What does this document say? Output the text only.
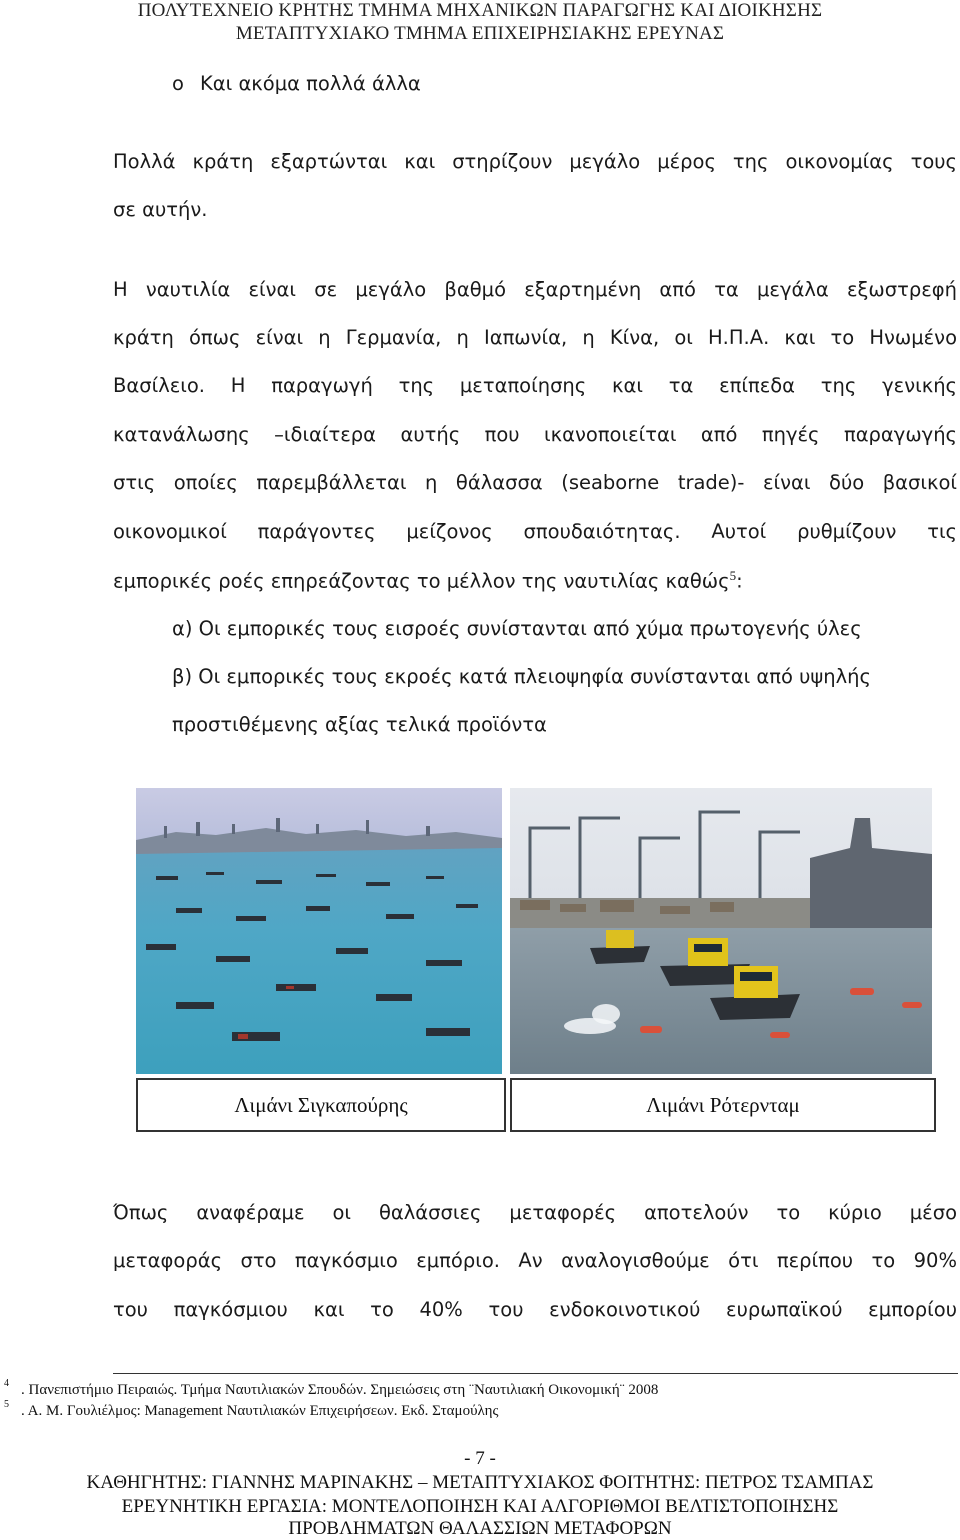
ΠΟΛΥΤΕΧΝΕΙΟ ΚΡΗΤΗΣ ΤΜΗΜΑ ΜΗΧΑΝΙΚΩΝ ΠΑΡΑΓΩΓΗΣ ΚΑΙ ΔΙΟΙΚΗΣΗΣ
ΜΕΤΑΠΤΥΧΙΑΚΟ ΤΜΗΜΑ ΕΠΙΧΕΙΡΗΣΙΑΚΗΣ ΕΡΕΥΝΑΣ
o Και ακόμα πολλά άλλα
Πολλά κράτη εξαρτώνται και στηρίζουν μεγάλο μέρος της οικονομίας τους
σε αυτήν.
Η ναυτιλία είναι σε μεγάλο βαθμό εξαρτημένη από τα μεγάλα εξωστρεφή
κράτη όπως είναι η Γερμανία, η Ιαπωνία, η Κίνα, οι Η.Π.Α. και το Ηνωμένο
Βασίλειο. Η παραγωγή της μεταποίησης και τα επίπεδα της γενικής
κατανάλωσης –ιδιαίτερα αυτής που ικανοποιείται από πηγές παραγωγής
στις οποίες παρεμβάλλεται η θάλασσα (seaborne trade)- είναι δύο βασικοί
οικονομικοί παράγοντες μείζονος σπουδαιότητας. Αυτοί ρυθμίζουν τις
εμπορικές ροές επηρεάζοντας το μέλλον της ναυτιλίας καθώς$^5$:
α) Οι εμπορικές τους εισροές συνίστανται από χύμα πρωτογενής ύλες
β) Οι εμπορικές τους εκροές κατά πλειοψηφία συνίστανται από υψηλής
προστιθέμενης αξίας τελικά προϊόντα
Λιμάνι Σιγκαπούρης	Λιμάνι Ρότερνταμ
Όπως αναφέραμε οι θαλάσσιες μεταφορές αποτελούν το κύριο μέσο
μεταφοράς στο παγκόσμιο εμπόριο. Αν αναλογισθούμε ότι περίπου το 90%
του παγκόσμιου και το 40% του ενδοκοινοτικού ευρωπαϊκού εμπορίου
$^4$ . Πανεπιστήμιο Πειραιώς. Τμήμα Ναυτιλιακών Σπουδών. Σημειώσεις στη ¨Ναυτιλιακή Οικονομική¨ 2008
$^5$ . Α. Μ. Γουλιέλμος: Management Ναυτιλιακών Επιχειρήσεων. Εκδ. Σταμούλης
- 7 -
ΚΑΘΗΓΗΤΗΣ: ΓΙΑΝΝΗΣ ΜΑΡΙΝΑΚΗΣ – ΜΕΤΑΠΤΥΧΙΑΚΟΣ ΦΟΙΤΗΤΗΣ: ΠΕΤΡΟΣ ΤΣΑΜΠΑΣ
ΕΡΕΥΝΗΤΙΚΗ ΕΡΓΑΣΙΑ: ΜΟΝΤΕΛΟΠΟΙΗΣΗ ΚΑΙ ΑΛΓΟΡΙΘΜΟΙ ΒΕΛΤΙΣΤΟΠΟΙΗΣΗΣ
ΠΡΟΒΛΗΜΑΤΩΝ ΘΑΛΑΣΣΙΩΝ ΜΕΤΑΦΟΡΩΝ
